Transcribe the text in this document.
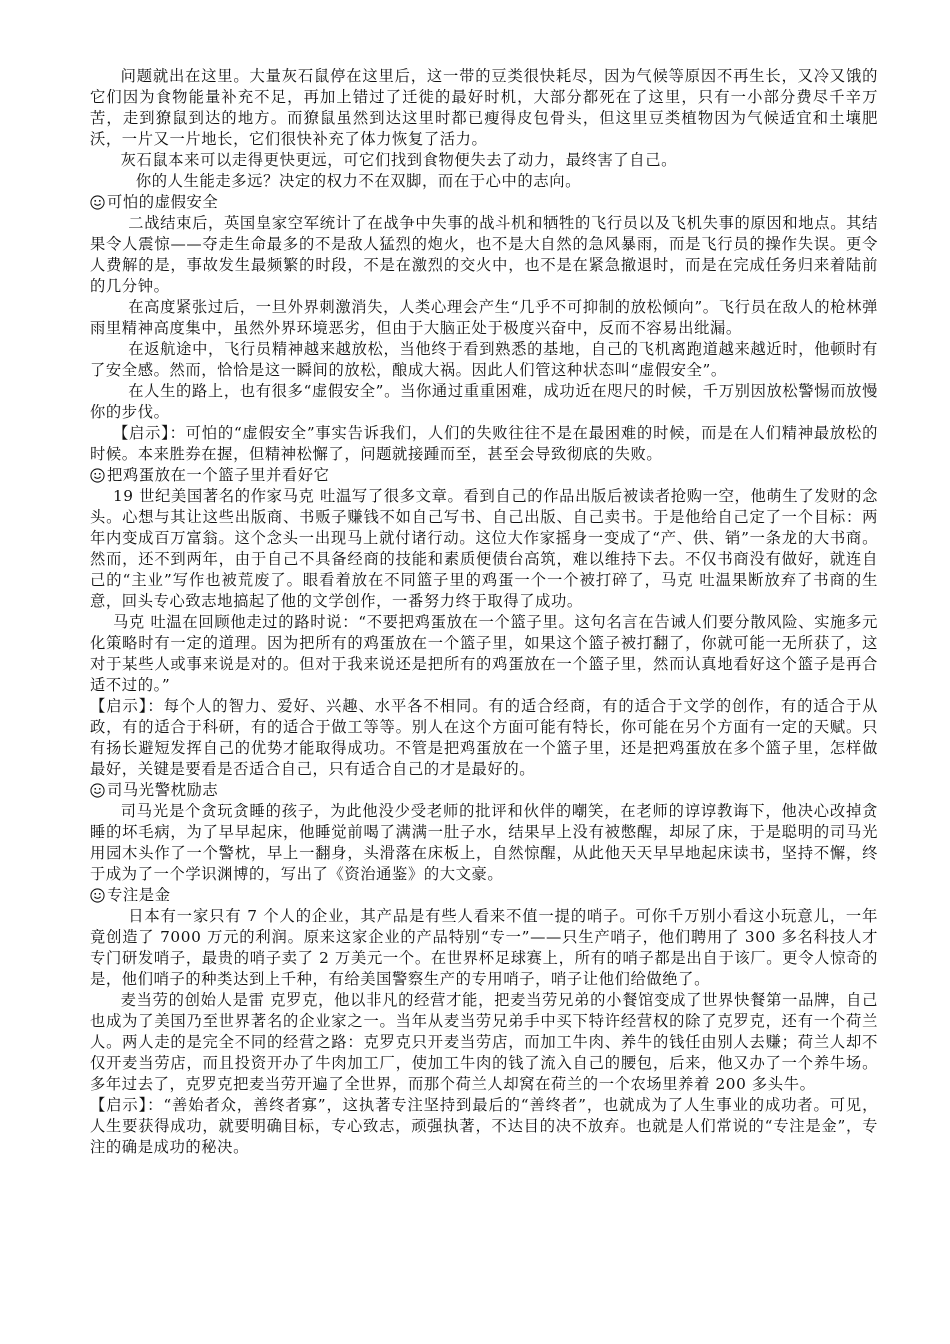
问题就出在这里。大量灰石鼠停在这里后，这一带的豆类很快耗尽，因为气候等原因不再生长，又冷又饿的它们因为食物能量补充不足，再加上错过了迁徙的最好时机，大部分都死在了这里，只有一小部分费尽千辛万苦，走到獠鼠到达的地方。而獠鼠虽然到达这里时都已瘦得皮包骨头，但这里豆类植物因为气候适宜和土壤肥沃，一片又一片地长，它们很快补充了体力恢复了活力。

灰石鼠本来可以走得更快更远，可它们找到食物便失去了动力，最终害了自己。

你的人生能走多远？决定的权力不在双脚，而在于心中的志向。

可怕的虚假安全

二战结束后，英国皇家空军统计了在战争中失事的战斗机和牺牲的飞行员以及飞机失事的原因和地点。其结果令人震惊——夺走生命最多的不是敌人猛烈的炮火，也不是大自然的急风暴雨，而是飞行员的操作失误。更令人费解的是，事故发生最频繁的时段，不是在激烈的交火中，也不是在紧急撤退时，而是在完成任务归来着陆前的几分钟。

在高度紧张过后，一旦外界刺激消失，人类心理会产生“几乎不可抑制的放松倾向”。飞行员在敌人的枪林弹雨里精神高度集中，虽然外界环境恶劣，但由于大脑正处于极度兴奋中，反而不容易出纰漏。

在返航途中，飞行员精神越来越放松，当他终于看到熟悉的基地，自己的飞机离跑道越来越近时，他顿时有了安全感。然而，恰恰是这一瞬间的放松，酿成大祸。因此人们管这种状态叫“虚假安全”。

在人生的路上，也有很多“虚假安全”。当你通过重重困难，成功近在咫尺的时候，千万别因放松警惕而放慢你的步伐。

【启示】：可怕的“虚假安全”事实告诉我们，人们的失败往往不是在最困难的时候，而是在人们精神最放松的时候。本来胜券在握，但精神松懈了，问题就接踵而至，甚至会导致彻底的失败。

把鸡蛋放在一个篮子里并看好它

19 世纪美国著名的作家马克 吐温写了很多文章。看到自己的作品出版后被读者抢购一空，他萌生了发财的念头。心想与其让这些出版商、书贩子赚钱不如自己写书、自己出版、自己卖书。于是他给自己定了一个目标：两年内变成百万富翁。这个念头一出现马上就付诸行动。这位大作家摇身一变成了“产、供、销”一条龙的大书商。然而，还不到两年，由于自己不具备经商的技能和素质便债台高筑，难以维持下去。不仅书商没有做好，就连自己的“主业”写作也被荒废了。眼看着放在不同篮子里的鸡蛋一个一个被打碎了，马克 吐温果断放弃了书商的生意，回头专心致志地搞起了他的文学创作，一番努力终于取得了成功。

马克 吐温在回顾他走过的路时说：“不要把鸡蛋放在一个篮子里。这句名言在告诫人们要分散风险、实施多元化策略时有一定的道理。因为把所有的鸡蛋放在一个篮子里，如果这个篮子被打翻了，你就可能一无所获了，这对于某些人或事来说是对的。但对于我来说还是把所有的鸡蛋放在一个篮子里，然而认真地看好这个篮子是再合适不过的。”

【启示】：每个人的智力、爱好、兴趣、水平各不相同。有的适合经商，有的适合于文学的创作，有的适合于从政，有的适合于科研，有的适合于做工等等。别人在这个方面可能有特长，你可能在另个方面有一定的天赋。只有扬长避短发挥自己的优势才能取得成功。不管是把鸡蛋放在一个篮子里，还是把鸡蛋放在多个篮子里，怎样做最好，关键是要看是否适合自己，只有适合自己的才是最好的。

司马光警枕励志

司马光是个贪玩贪睡的孩子，为此他没少受老师的批评和伙伴的嘲笑，在老师的谆谆教诲下，他决心改掉贪睡的坏毛病，为了早早起床，他睡觉前喝了满满一肚子水，结果早上没有被憋醒，却尿了床，于是聪明的司马光用园木头作了一个警枕，早上一翻身，头滑落在床板上，自然惊醒，从此他天天早早地起床读书，坚持不懈，终于成为了一个学识渊博的，写出了《资治通鉴》的大文豪。

专注是金

日本有一家只有 7 个人的企业，其产品是有些人看来不值一提的哨子。可你千万别小看这小玩意儿，一年竟创造了 7000 万元的利润。原来这家企业的产品特别“专一”——只生产哨子，他们聘用了 300 多名科技人才专门研发哨子，最贵的哨子卖了 2 万美元一个。在世界杯足球赛上，所有的哨子都是出自于该厂。更令人惊奇的是，他们哨子的种类达到上千种，有给美国警察生产的专用哨子，哨子让他们给做绝了。

麦当劳的创始人是雷 克罗克，他以非凡的经营才能，把麦当劳兄弟的小餐馆变成了世界快餐第一品牌，自己也成为了美国乃至世界著名的企业家之一。当年从麦当劳兄弟手中买下特许经营权的除了克罗克，还有一个荷兰人。两人走的是完全不同的经营之路：克罗克只开麦当劳店，而加工牛肉、养牛的钱任由别人去赚；荷兰人却不仅开麦当劳店，而且投资开办了牛肉加工厂，使加工牛肉的钱了流入自己的腰包，后来，他又办了一个养牛场。多年过去了，克罗克把麦当劳开遍了全世界，而那个荷兰人却窝在荷兰的一个农场里养着 200 多头牛。

【启示】：“善始者众，善终者寡”，这执著专注坚持到最后的“善终者”，也就成为了人生事业的成功者。可见，人生要获得成功，就要明确目标，专心致志，顽强执著，不达目的决不放弃。也就是人们常说的“专注是金”，专注的确是成功的秘决。
